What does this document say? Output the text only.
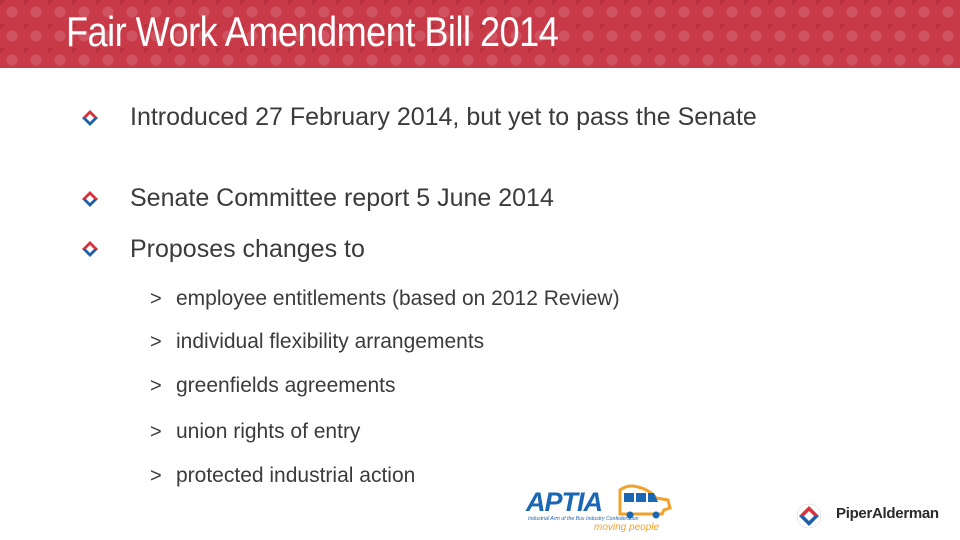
Fair Work Amendment Bill 2014
Introduced 27 February 2014, but yet to pass the Senate
Senate Committee report 5 June 2014
Proposes changes to
> employee entitlements (based on 2012 Review)
> individual flexibility arrangements
> greenfields agreements
> union rights of entry
> protected industrial action
APTIA
Industrial Arm of the Bus Industry Confederation
moving people
PiperAlderman
